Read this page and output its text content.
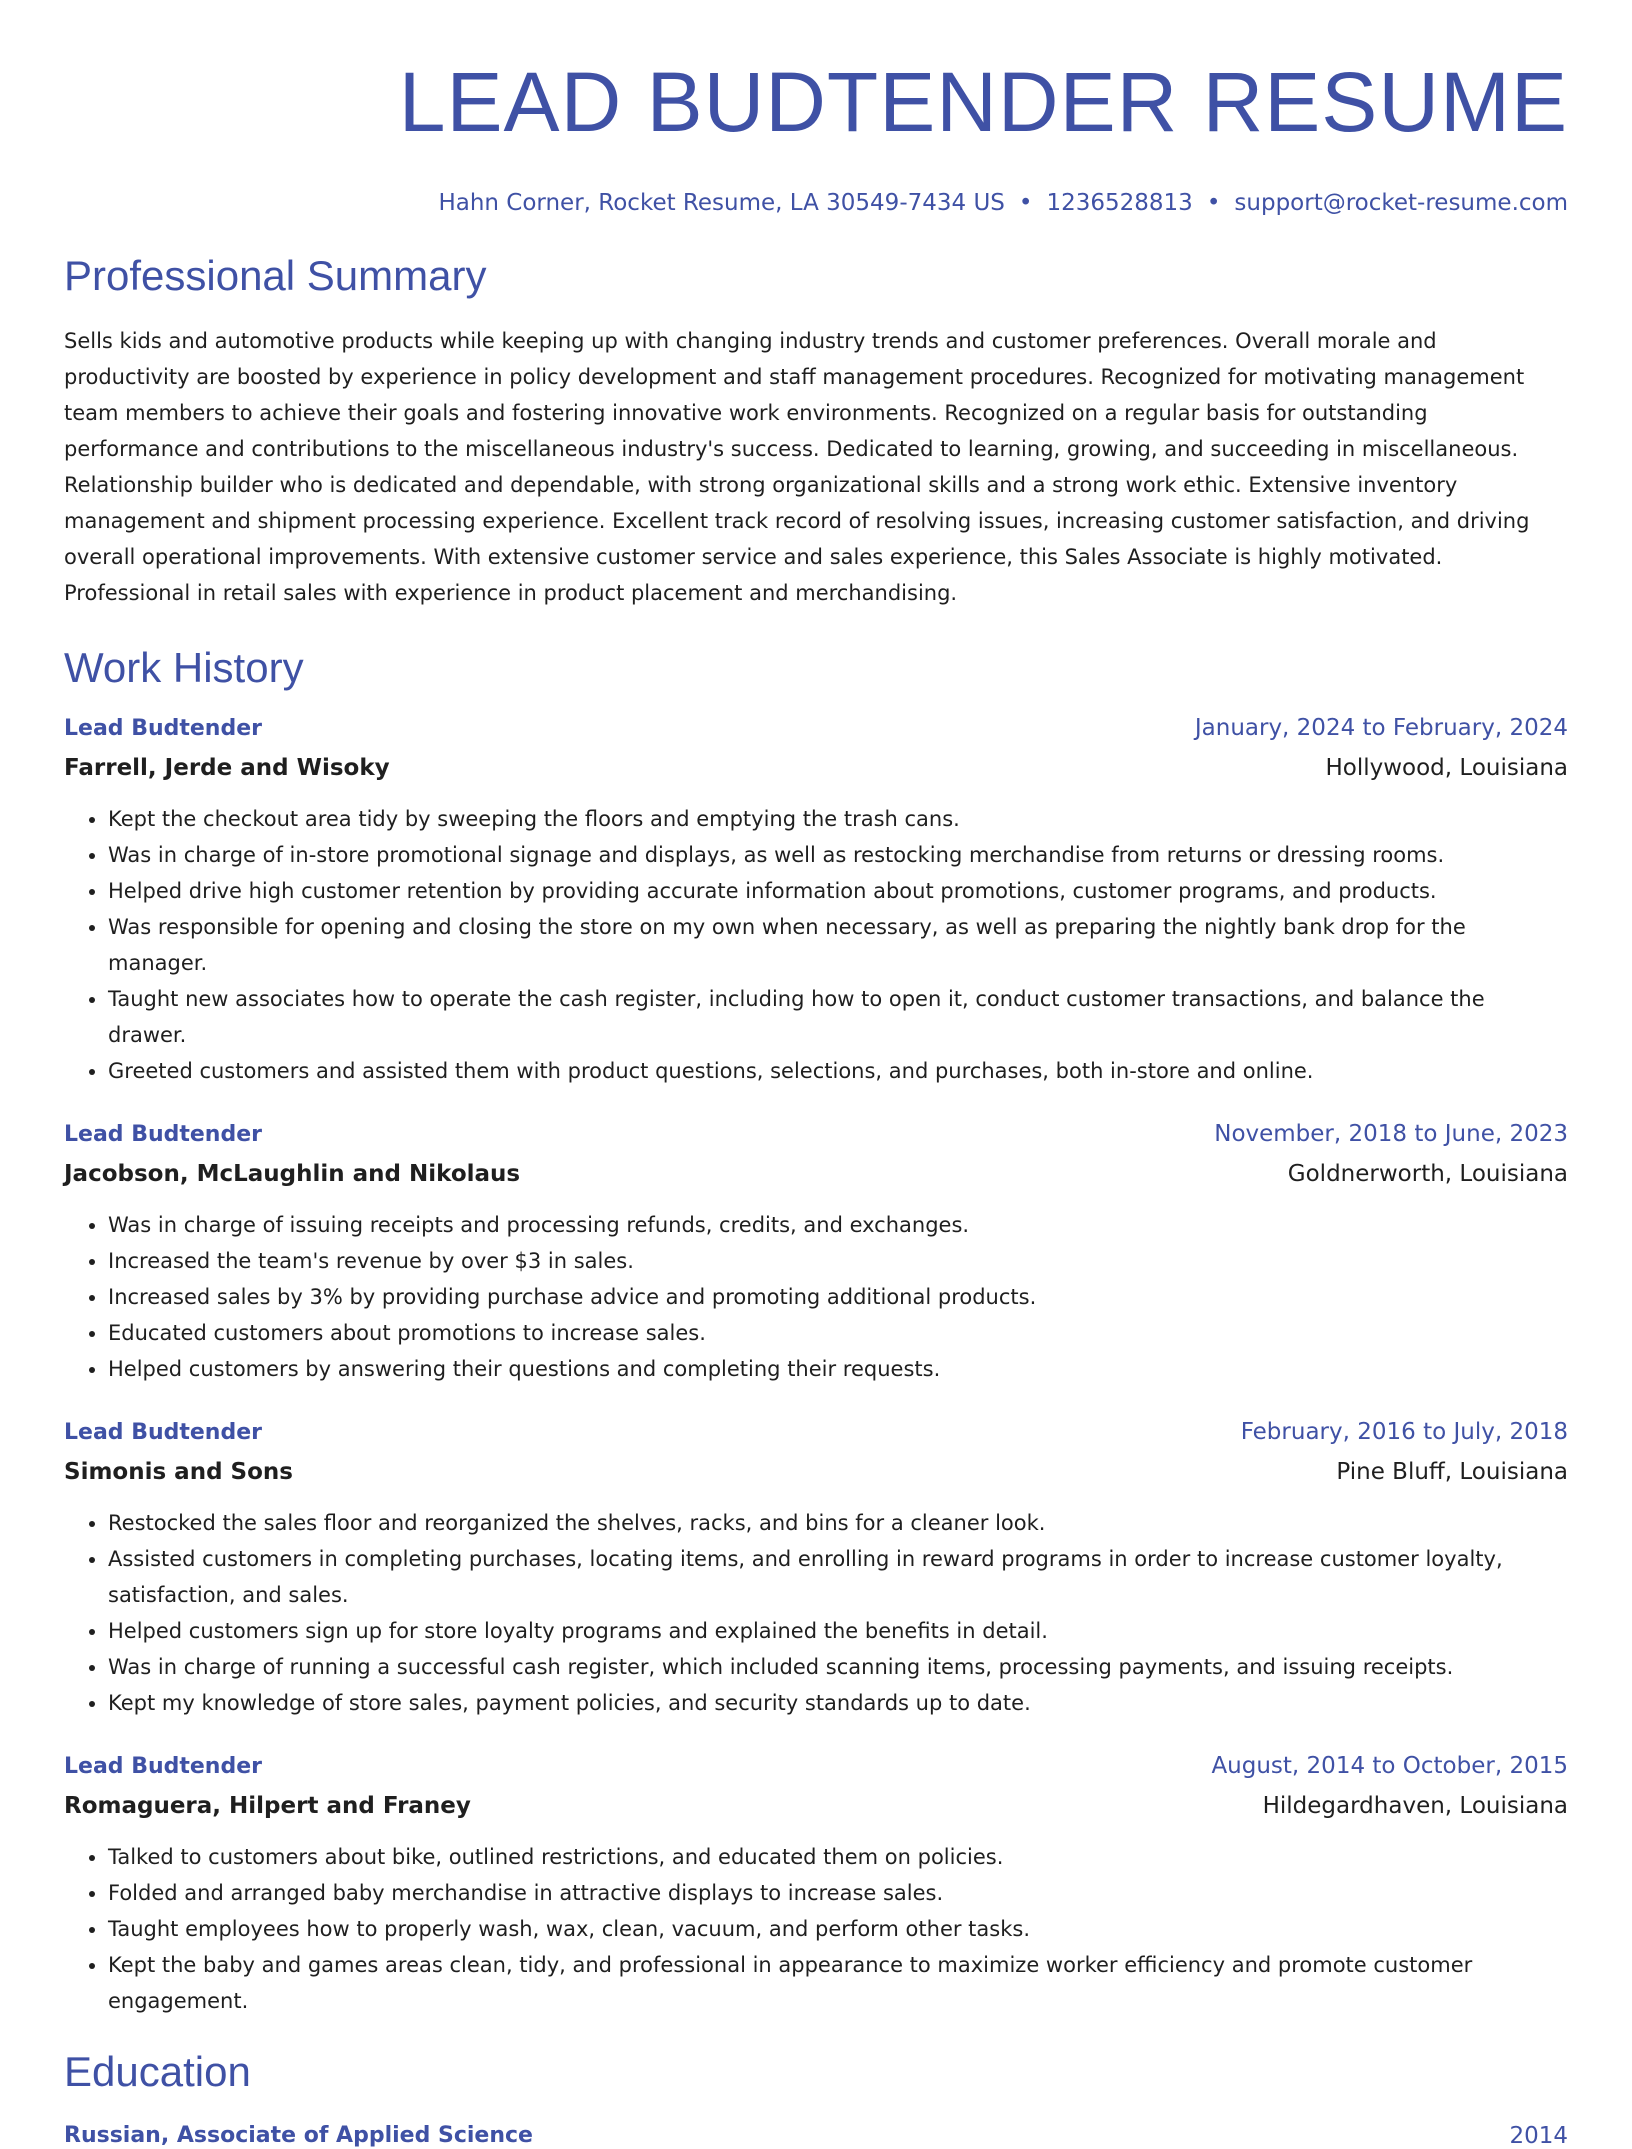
LEAD BUDTENDER RESUME
Hahn Corner, Rocket Resume, LA 30549-7434 US • 1236528813 • support@rocket-resume.com
Professional Summary
Sells kids and automotive products while keeping up with changing industry trends and customer preferences. Overall morale and productivity are boosted by experience in policy development and staff management procedures. Recognized for motivating management team members to achieve their goals and fostering innovative work environments. Recognized on a regular basis for outstanding performance and contributions to the miscellaneous industry's success. Dedicated to learning, growing, and succeeding in miscellaneous. Relationship builder who is dedicated and dependable, with strong organizational skills and a strong work ethic. Extensive inventory management and shipment processing experience. Excellent track record of resolving issues, increasing customer satisfaction, and driving overall operational improvements. With extensive customer service and sales experience, this Sales Associate is highly motivated. Professional in retail sales with experience in product placement and merchandising.
Work History
Lead Budtender	January, 2024 to February, 2024
Farrell, Jerde and Wisoky	Hollywood, Louisiana
• Kept the checkout area tidy by sweeping the floors and emptying the trash cans.
• Was in charge of in-store promotional signage and displays, as well as restocking merchandise from returns or dressing rooms.
• Helped drive high customer retention by providing accurate information about promotions, customer programs, and products.
• Was responsible for opening and closing the store on my own when necessary, as well as preparing the nightly bank drop for the manager.
• Taught new associates how to operate the cash register, including how to open it, conduct customer transactions, and balance the drawer.
• Greeted customers and assisted them with product questions, selections, and purchases, both in-store and online.
Lead Budtender	November, 2018 to June, 2023
Jacobson, McLaughlin and Nikolaus	Goldnerworth, Louisiana
• Was in charge of issuing receipts and processing refunds, credits, and exchanges.
• Increased the team's revenue by over $3 in sales.
• Increased sales by 3% by providing purchase advice and promoting additional products.
• Educated customers about promotions to increase sales.
• Helped customers by answering their questions and completing their requests.
Lead Budtender	February, 2016 to July, 2018
Simonis and Sons	Pine Bluff, Louisiana
• Restocked the sales floor and reorganized the shelves, racks, and bins for a cleaner look.
• Assisted customers in completing purchases, locating items, and enrolling in reward programs in order to increase customer loyalty, satisfaction, and sales.
• Helped customers sign up for store loyalty programs and explained the benefits in detail.
• Was in charge of running a successful cash register, which included scanning items, processing payments, and issuing receipts.
• Kept my knowledge of store sales, payment policies, and security standards up to date.
Lead Budtender	August, 2014 to October, 2015
Romaguera, Hilpert and Franey	Hildegardhaven, Louisiana
• Talked to customers about bike, outlined restrictions, and educated them on policies.
• Folded and arranged baby merchandise in attractive displays to increase sales.
• Taught employees how to properly wash, wax, clean, vacuum, and perform other tasks.
• Kept the baby and games areas clean, tidy, and professional in appearance to maximize worker efficiency and promote customer engagement.
Education
Russian, Associate of Applied Science	2014
